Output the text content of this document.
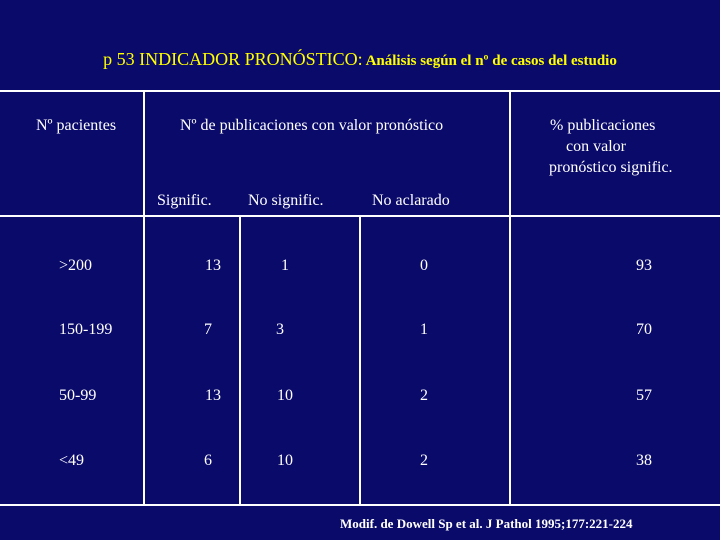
p 53 INDICADOR PRONÓSTICO: Análisis según el nº de casos del estudio
Nº pacientes	Nº de publicaciones con valor pronóstico	% publicaciones
con valor
pronóstico signific.
Signific. No signific.	No aclarado
>200	13	1	0	93
150-199	7	3	1	70
50-99	13	10	2	57
<49	6	10	2	38
Modif. de Dowell Sp et al. J Pathol 1995;177:221-224
